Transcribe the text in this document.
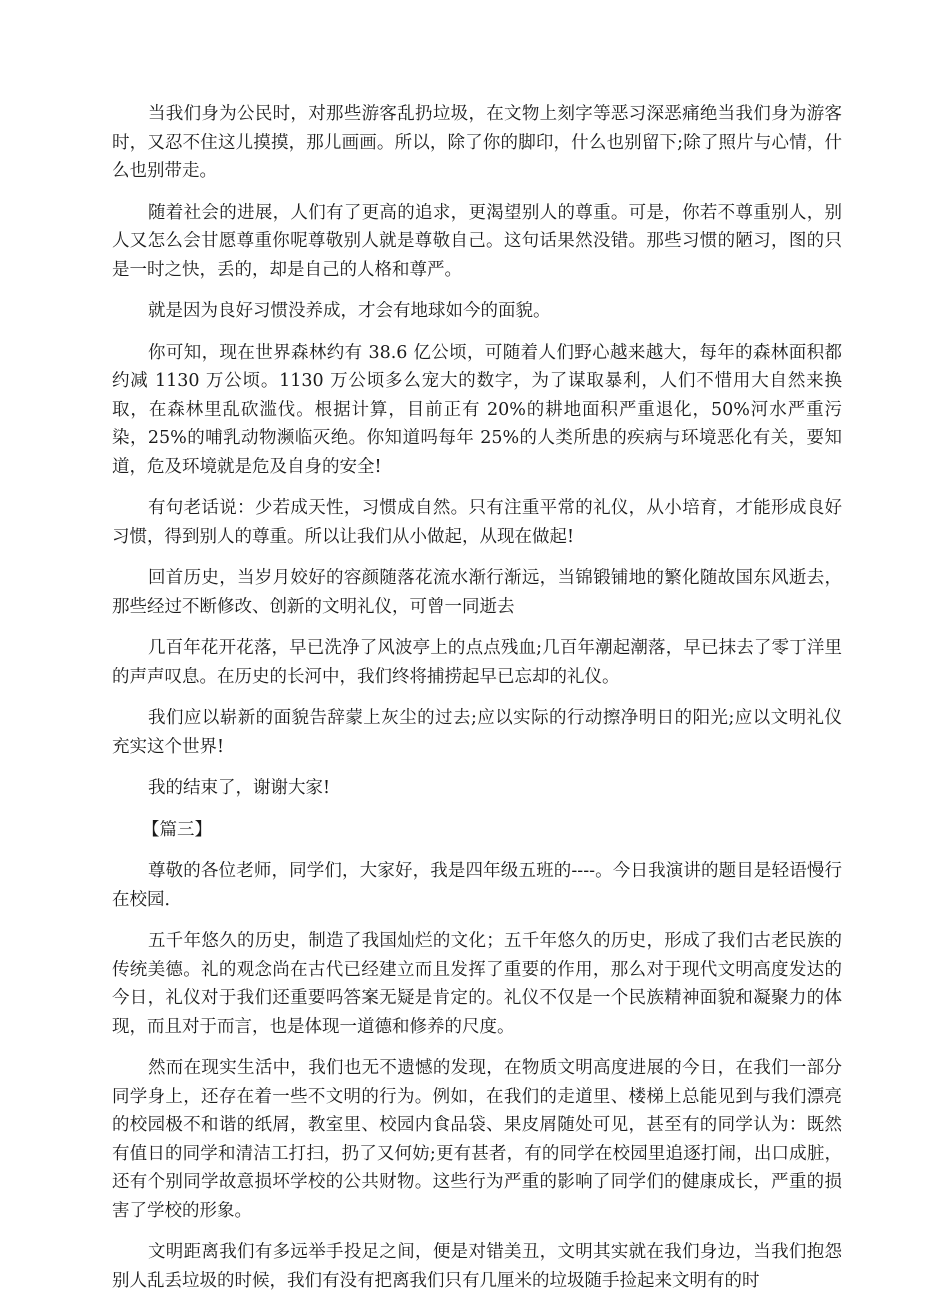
当我们身为公民时，对那些游客乱扔垃圾，在文物上刻字等恶习深恶痛绝当我们身为游客时，又忍不住这儿摸摸，那儿画画。所以，除了你的脚印，什么也别留下;除了照片与心情，什么也别带走。

随着社会的进展，人们有了更高的追求，更渴望别人的尊重。可是，你若不尊重别人，别人又怎么会甘愿尊重你呢尊敬别人就是尊敬自己。这句话果然没错。那些习惯的陋习，图的只是一时之快，丢的，却是自己的人格和尊严。

就是因为良好习惯没养成，才会有地球如今的面貌。

你可知，现在世界森林约有 38.6 亿公顷，可随着人们野心越来越大，每年的森林面积都约减 1130 万公顷。1130 万公顷多么宠大的数字，为了谋取暴利，人们不惜用大自然来换取，在森林里乱砍滥伐。根据计算，目前正有 20%的耕地面积严重退化，50%河水严重污染，25%的哺乳动物濒临灭绝。你知道吗每年 25%的人类所患的疾病与环境恶化有关，要知道，危及环境就是危及自身的安全!

有句老话说：少若成天性，习惯成自然。只有注重平常的礼仪，从小培育，才能形成良好习惯，得到别人的尊重。所以让我们从小做起，从现在做起!

回首历史，当岁月姣好的容颜随落花流水渐行渐远，当锦锻铺地的繁化随故国东风逝去，那些经过不断修改、创新的文明礼仪，可曾一同逝去

几百年花开花落，早已洗净了风波亭上的点点残血;几百年潮起潮落，早已抹去了零丁洋里的声声叹息。在历史的长河中，我们终将捕捞起早已忘却的礼仪。

我们应以崭新的面貌告辞蒙上灰尘的过去;应以实际的行动擦净明日的阳光;应以文明礼仪充实这个世界!

我的结束了，谢谢大家!

【篇三】

尊敬的各位老师，同学们，大家好，我是四年级五班的----。今日我演讲的题目是轻语慢行在校园．

五千年悠久的历史，制造了我国灿烂的文化；五千年悠久的历史，形成了我们古老民族的传统美德。礼的观念尚在古代已经建立而且发挥了重要的作用，那么对于现代文明高度发达的今日，礼仪对于我们还重要吗答案无疑是肯定的。礼仪不仅是一个民族精神面貌和凝聚力的体现，而且对于而言，也是体现一道德和修养的尺度。

然而在现实生活中，我们也无不遗憾的发现，在物质文明高度进展的今日，在我们一部分同学身上，还存在着一些不文明的行为。例如，在我们的走道里、楼梯上总能见到与我们漂亮的校园极不和谐的纸屑，教室里、校园内食品袋、果皮屑随处可见，甚至有的同学认为：既然有值日的同学和清洁工打扫，扔了又何妨;更有甚者，有的同学在校园里追逐打闹，出口成脏，还有个别同学故意损坏学校的公共财物。这些行为严重的影响了同学们的健康成长，严重的损害了学校的形象。

文明距离我们有多远举手投足之间，便是对错美丑，文明其实就在我们身边，当我们抱怨别人乱丢垃圾的时候，我们有没有把离我们只有几厘米的垃圾随手捡起来文明有的时
